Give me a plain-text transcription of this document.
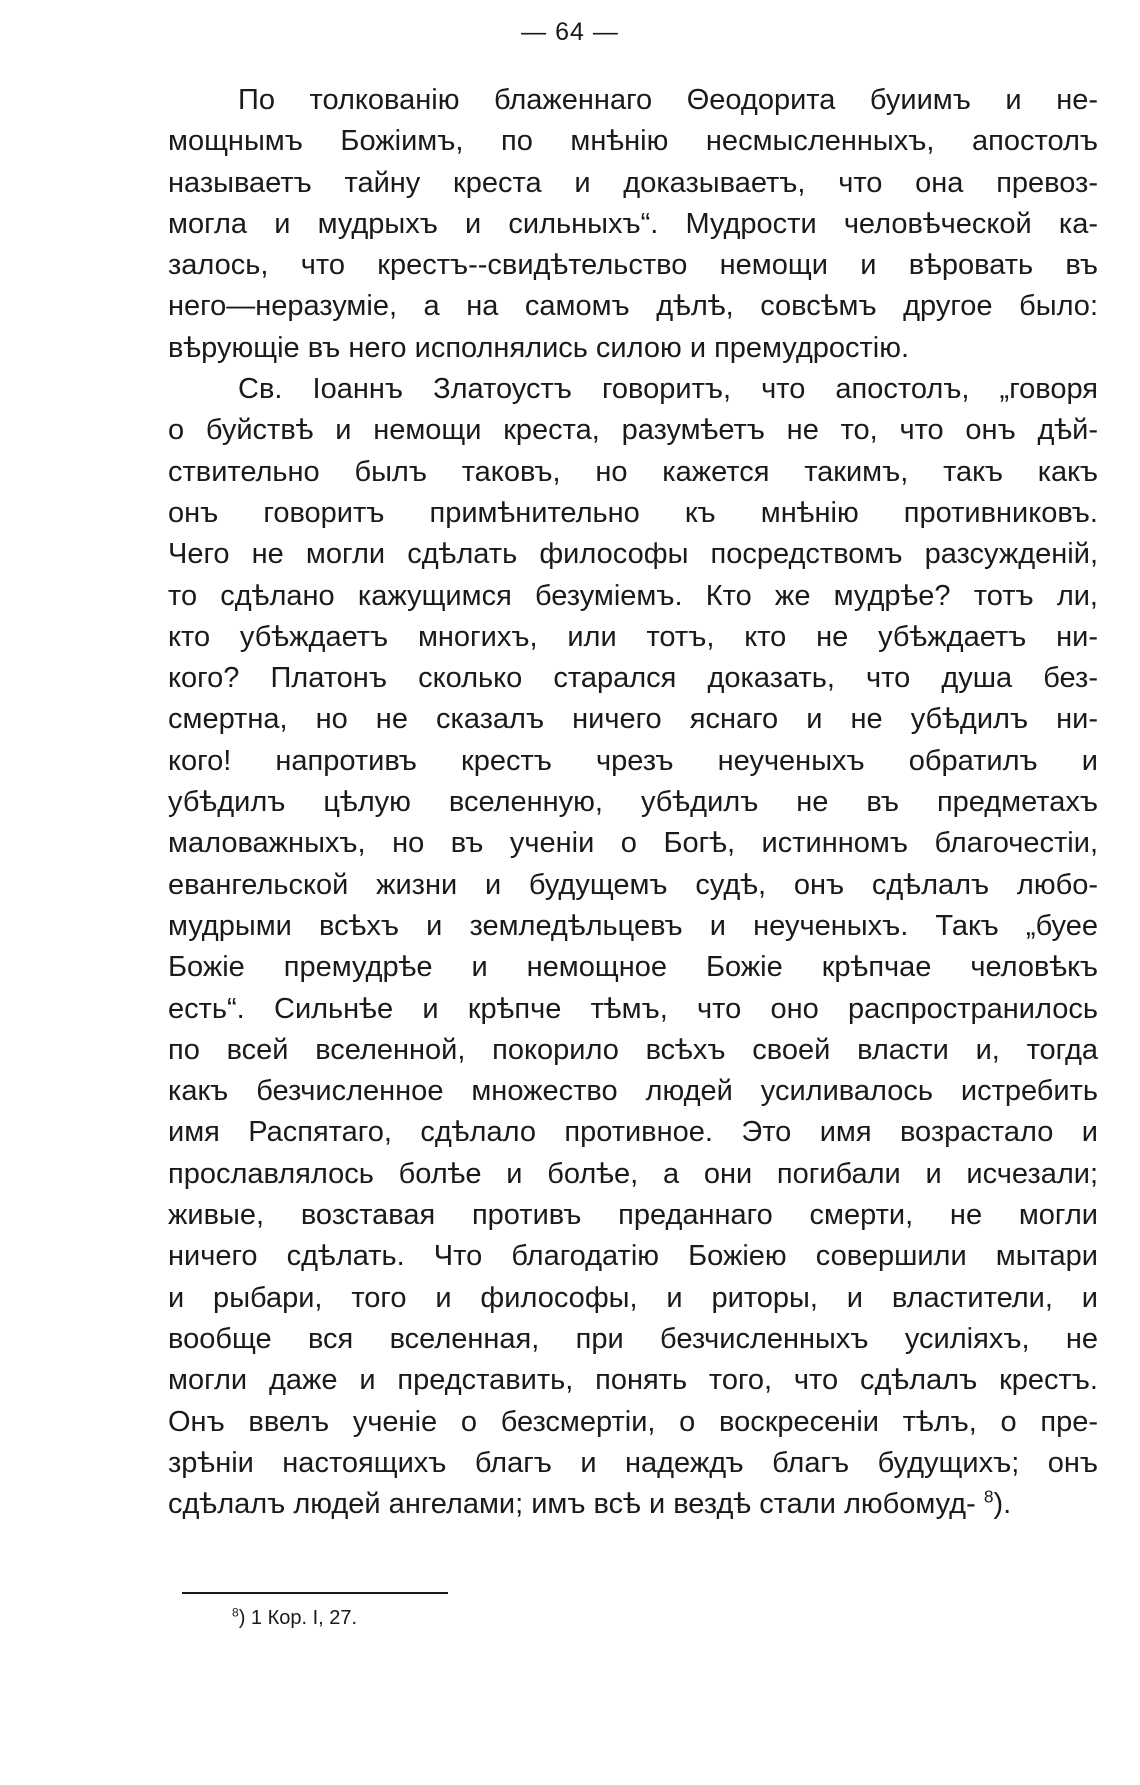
— 64 —
По толкованію блаженнаго Θеодорита буиимъ и не-
мощнымъ Божіимъ, по мнѣнію несмысленныхъ, апостолъ
называетъ тайну креста и доказываетъ, что она превоз-
могла и мудрыхъ и сильныхъ“. Мудрости человѣческой ка-
залось, что крестъ--свидѣтельство немощи и вѣровать въ
него—неразуміе, а на самомъ дѣлѣ, совсѣмъ другое было:
вѣрующіе въ него исполнялись силою и премудростію.
Св. Іоаннъ Златоустъ говоритъ, что апостолъ, „говоря
о буйствѣ и немощи креста, разумѣетъ не то, что онъ дѣй-
ствительно былъ таковъ, но кажется такимъ, такъ какъ
онъ говоритъ примѣнительно къ мнѣнію противниковъ.
Чего не могли сдѣлать философы посредствомъ разсужденій,
то сдѣлано кажущимся безуміемъ. Кто же мудрѣе? тотъ ли,
кто убѣждаетъ многихъ, или тотъ, кто не убѣждаетъ ни-
кого? Платонъ сколько старался доказать, что душа без-
смертна, но не сказалъ ничего яснаго и не убѣдилъ ни-
кого! напротивъ крестъ чрезъ неученыхъ обратилъ и
убѣдилъ цѣлую вселенную, убѣдилъ не въ предметахъ
маловажныхъ, но въ ученіи о Богѣ, истинномъ благочестіи,
евангельской жизни и будущемъ судѣ, онъ сдѣлалъ любо-
мудрыми всѣхъ и земледѣльцевъ и неученыхъ. Такъ „буее
Божіе премудрѣе и немощное Божіе крѣпчае человѣкъ
есть“. Сильнѣе и крѣпче тѣмъ, что оно распространилось
по всей вселенной, покорило всѣхъ своей власти и, тогда
какъ безчисленное множество людей усиливалось истребить
имя Распятаго, сдѣлало противное. Это имя возрастало и
прославлялось болѣе и болѣе, а они погибали и исчезали;
живые, возставая противъ преданнаго смерти, не могли
ничего сдѣлать. Что благодатію Божіею совершили мытари
и рыбари, того и философы, и риторы, и властители, и
вообще вся вселенная, при безчисленныхъ усиліяхъ, не
могли даже и представить, понять того, что сдѣлалъ крестъ.
Онъ ввелъ ученіе о безсмертіи, о воскресеніи тѣлъ, о пре-
зрѣніи настоящихъ благъ и надеждъ благъ будущихъ; онъ
сдѣлалъ людей ангелами; имъ всѣ и вездѣ стали любомуд- $^8$).
$^8$) 1 Кор. I, 27.
